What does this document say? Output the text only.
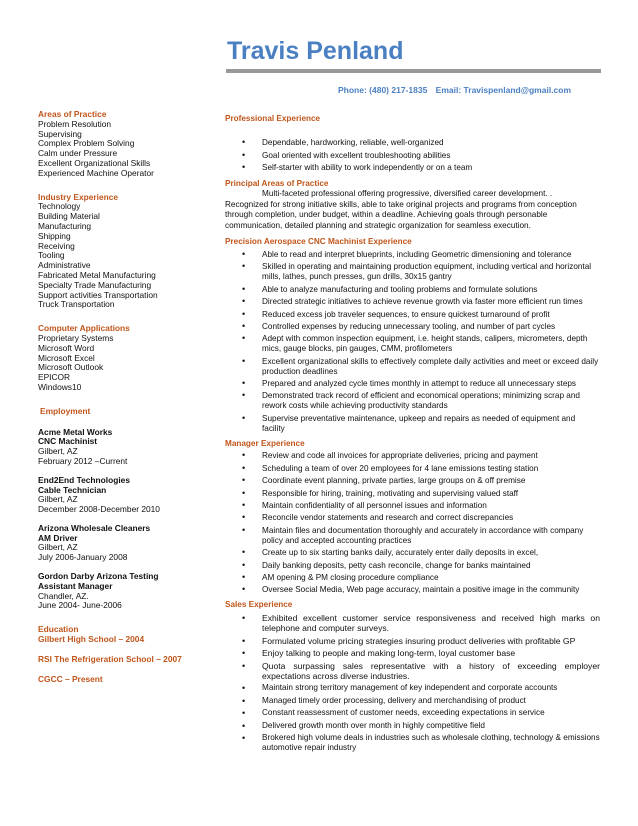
Travis Penland
Phone: (480) 217-1835 Email: Travispenland@gmail.com
Areas of Practice
Problem Resolution
Supervising
Complex Problem Solving
Calm under Pressure
Excellent Organizational Skills
Experienced Machine Operator
Industry Experience
Technology
Building Material
Manufacturing
Shipping
Receiving
Tooling
Administrative
Fabricated Metal Manufacturing
Specialty Trade Manufacturing
Support activities Transportation
Truck Transportation
Computer Applications
Proprietary Systems
Microsoft Word
Microsoft Excel
Microsoft Outlook
EPICOR
Windows10
Employment
Acme Metal Works
CNC Machinist
Gilbert, AZ
February 2012 –Current
End2End Technologies
Cable Technician
Gilbert, AZ
December 2008-December 2010
Arizona Wholesale Cleaners
AM Driver
Gilbert, AZ
July 2006-January 2008
Gordon Darby Arizona Testing
Assistant Manager
Chandler, AZ.
June 2004- June-2006
Education
Gilbert High School – 2004
RSI The Refrigeration School – 2007
CGCC – Present
Professional Experience
• Dependable, hardworking, reliable, well-organized
• Goal oriented with excellent troubleshooting abilities
• Self-starter with ability to work independently or on a team
Principal Areas of Practice
Multi-faceted professional offering progressive, diversified career development. .
Recognized for strong initiative skills, able to take original projects and programs from conception through completion, under budget, within a deadline. Achieving goals through personable communication, detailed planning and strategic organization for seamless execution.
Precision Aerospace CNC Machinist Experience
• Able to read and interpret blueprints, including Geometric dimensioning and tolerance
• Skilled in operating and maintaining production equipment, including vertical and horizontal mills, lathes, punch presses, gun drills, 30x15 gantry
• Able to analyze manufacturing and tooling problems and formulate solutions
• Directed strategic initiatives to achieve revenue growth via faster more efficient run times
• Reduced excess job traveler sequences, to ensure quickest turnaround of profit
• Controlled expenses by reducing unnecessary tooling, and number of part cycles
• Adept with common inspection equipment, i.e. height stands, calipers, micrometers, depth mics, gauge blocks, pin gauges, CMM, profilometers
• Excellent organizational skills to effectively complete daily activities and meet or exceed daily production deadlines
• Prepared and analyzed cycle times monthly in attempt to reduce all unnecessary steps
• Demonstrated track record of efficient and economical operations; minimizing scrap and rework costs while achieving productivity standards
• Supervise preventative maintenance, upkeep and repairs as needed of equipment and facility
Manager Experience
• Review and code all invoices for appropriate deliveries, pricing and payment
• Scheduling a team of over 20 employees for 4 lane emissions testing station
• Coordinate event planning, private parties, large groups on & off premise
• Responsible for hiring, training, motivating and supervising valued staff
• Maintain confidentiality of all personnel issues and information
• Reconcile vendor statements and research and correct discrepancies
• Maintain files and documentation thoroughly and accurately in accordance with company policy and accepted accounting practices
• Create up to six starting banks daily, accurately enter daily deposits in excel,
• Daily banking deposits, petty cash reconcile, change for banks maintained
• AM opening & PM closing procedure compliance
• Oversee Social Media, Web page accuracy, maintain a positive image in the community
Sales Experience
• Exhibited excellent customer service responsiveness and received high marks on telephone and computer surveys.
• Formulated volume pricing strategies insuring product deliveries with profitable GP
• Enjoy talking to people and making long-term, loyal customer base
• Quota surpassing sales representative with a history of exceeding employer expectations across diverse industries.
• Maintain strong territory management of key independent and corporate accounts
• Managed timely order processing, delivery and merchandising of product
• Constant reassessment of customer needs, exceeding expectations in service
• Delivered growth month over month in highly competitive field
• Brokered high volume deals in industries such as wholesale clothing, technology & emissions automotive repair industry
